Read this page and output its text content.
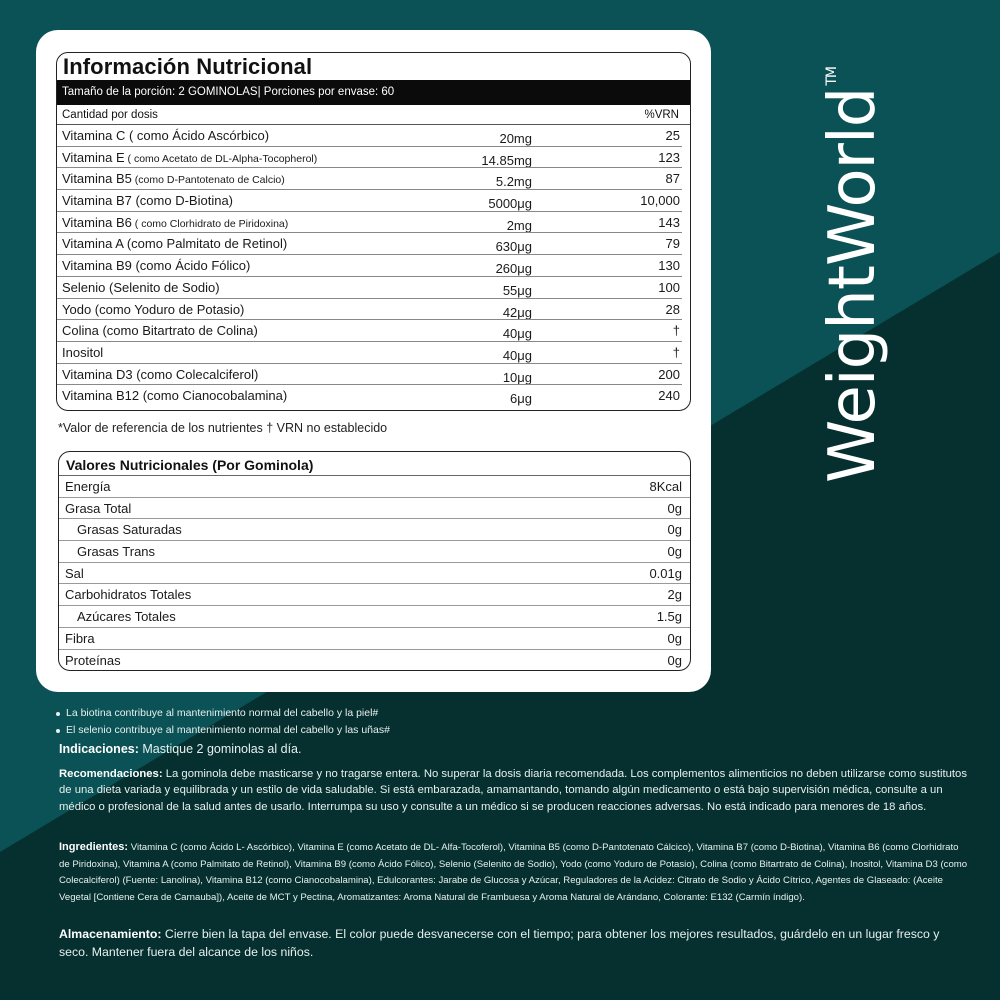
Información Nutricional
Tamaño de la porción: 2 GOMINOLAS| Porciones por envase: 60
Cantidad por dosis	%VRN
Vitamina C ( como Ácido Ascórbico)	20mg	25
Vitamina E ( como Acetato de DL-Alpha-Tocopherol)	14.85mg	123
Vitamina B5 (como D-Pantotenato de Calcio)	5.2mg	87
Vitamina B7 (como D-Biotina)	5000μg	10,000
Vitamina B6 ( como Clorhidrato de Piridoxina)	2mg	143
Vitamina A (como Palmitato de Retinol)	630μg	79
Vitamina B9 (como Ácido Fólico)	260μg	130
Selenio (Selenito de Sodio)	55μg	100
Yodo (como Yoduro de Potasio)	42μg	28
Colina (como Bitartrato de Colina)	40μg	†
Inositol	40μg	†
Vitamina D3 (como Colecalciferol)	10μg	200
Vitamina B12 (como Cianocobalamina)	6μg	240
*Valor de referencia de los nutrientes † VRN no establecido
Valores Nutricionales (Por Gominola)
Energía	8Kcal
Grasa Total	0g
Grasas Saturadas	0g
Grasas Trans	0g
Sal	0.01g
Carbohidratos Totales	2g
Azúcares Totales	1.5g
Fibra	0g
Proteínas	0g
La biotina contribuye al mantenimiento normal del cabello y la piel#
El selenio contribuye al mantenimiento normal del cabello y las uñas#
Indicaciones: Mastique 2 gominolas al día.
Recomendaciones: La gominola debe masticarse y no tragarse entera. No superar la dosis diaria recomendada. Los complementos alimenticios no deben utilizarse como sustitutos de una dieta variada y equilibrada y un estilo de vida saludable. Si está embarazada, amamantando, tomando algún medicamento o está bajo supervisión médica, consulte a un médico o profesional de la salud antes de usarlo. Interrumpa su uso y consulte a un médico si se producen reacciones adversas. No está indicado para menores de 18 años.
Ingredientes: Vitamina C (como Ácido L- Ascórbico), Vitamina E (como Acetato de DL- Alfa-Tocoferol), Vitamina B5 (como D-Pantotenato Cálcico), Vitamina B7 (como D-Biotina), Vitamina B6 (como Clorhidrato de Piridoxina), Vitamina A (como Palmitato de Retinol), Vitamina B9 (como Ácido Fólico), Selenio (Selenito de Sodio), Yodo (como Yoduro de Potasio), Colina (como Bitartrato de Colina), Inositol, Vitamina D3 (como Colecalciferol) (Fuente: Lanolina), Vitamina B12 (como Cianocobalamina), Edulcorantes: Jarabe de Glucosa y Azúcar, Reguladores de la Acidez: Citrato de Sodio y Ácido Cítrico, Agentes de Glaseado: (Aceite Vegetal [Contiene Cera de Carnauba]), Aceite de MCT y Pectina, Aromatizantes: Aroma Natural de Frambuesa y Aroma Natural de Arándano, Colorante: E132 (Carmín índigo).
Almacenamiento: Cierre bien la tapa del envase. El color puede desvanecerse con el tiempo; para obtener los mejores resultados, guárdelo en un lugar fresco y seco. Mantener fuera del alcance de los niños.
WeightWorld™
